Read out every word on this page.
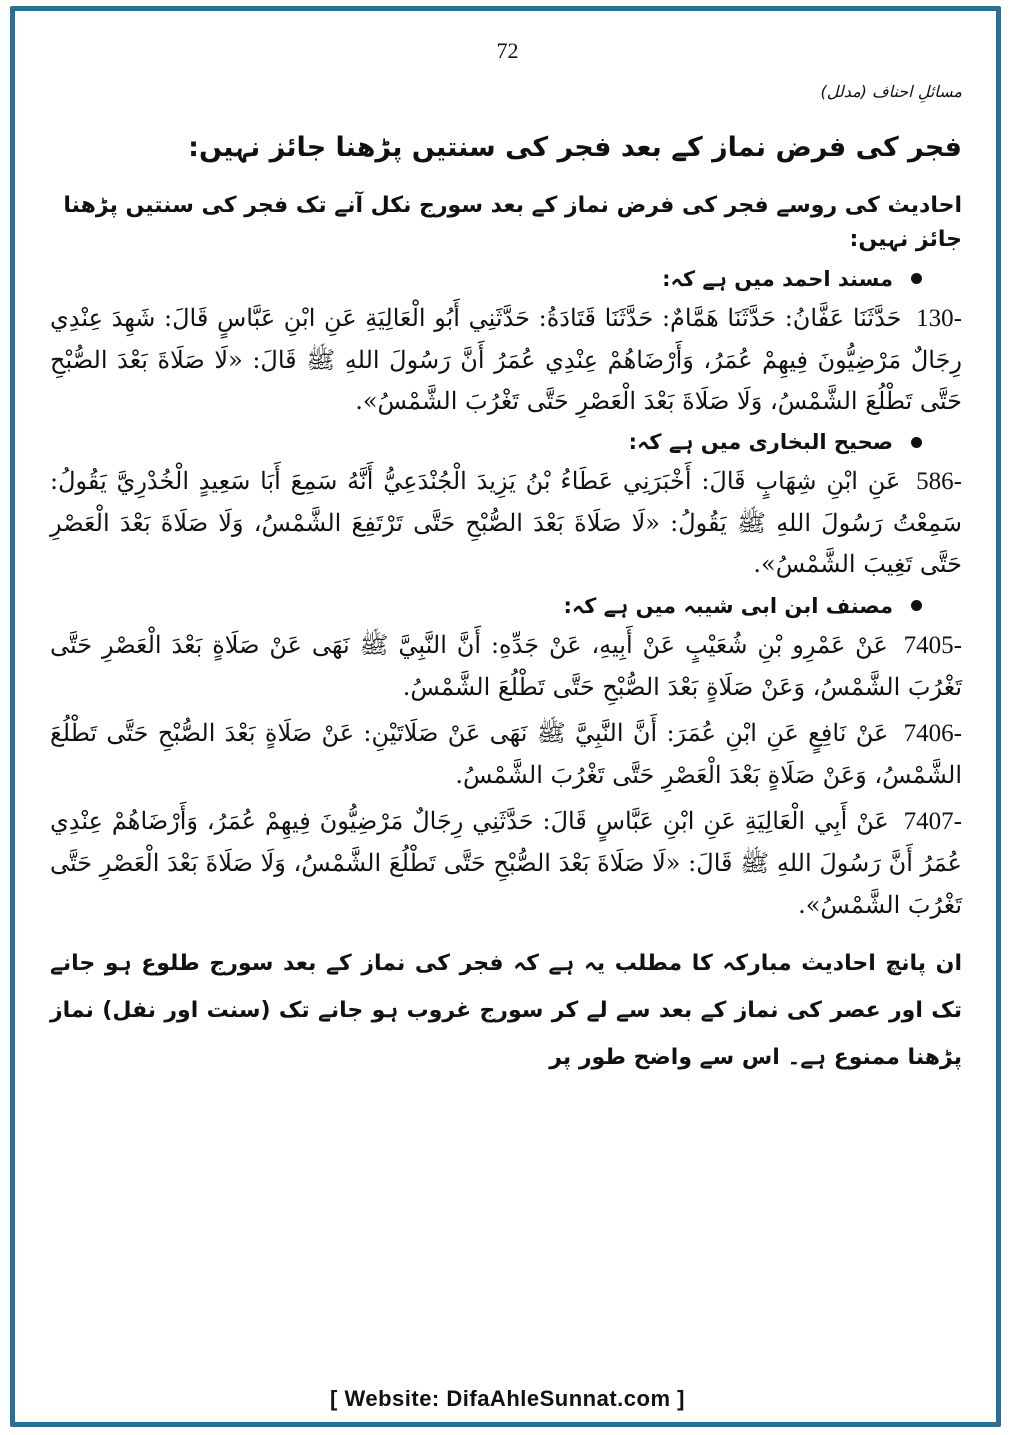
72
مسائلِ احناف (مدلل)
فجر کی فرض نماز کے بعد فجر کی سنتیں پڑھنا جائز نہیں:
احادیث کی روسے فجر کی فرض نماز کے بعد سورج نکل آنے تک فجر کی سنتیں پڑھنا جائز نہیں:
مسند احمد میں ہے کہ:

130- حَدَّثَنَا عَفَّانُ: حَدَّثَنَا هَمَّامٌ: حَدَّثَنَا قَتَادَةُ: حَدَّثَنِي أَبُو الْعَالِيَةِ عَنِ ابْنِ عَبَّاسٍ قَالَ: شَهِدَ عِنْدِي رِجَالٌ مَرْضِيُّونَ فِيهِمْ عُمَرُ، وَأَرْضَاهُمْ عِنْدِي عُمَرُ أَنَّ رَسُولَ اللهِ ﷺ قَالَ: «لَا صَلَاةَ بَعْدَ الصُّبْحِ حَتَّى تَطْلُعَ الشَّمْسُ، وَلَا صَلَاةَ بَعْدَ الْعَصْرِ حَتَّى تَغْرُبَ الشَّمْسُ».

صحیح البخاری میں ہے کہ:

586- عَنِ ابْنِ شِهَابٍ قَالَ: أَخْبَرَنِي عَطَاءُ بْنُ يَزِيدَ الْجُنْدَعِيُّ أَنَّهُ سَمِعَ أَبَا سَعِيدٍ الْخُدْرِيَّ يَقُولُ: سَمِعْتُ رَسُولَ اللهِ ﷺ يَقُولُ: «لَا صَلَاةَ بَعْدَ الصُّبْحِ حَتَّى تَرْتَفِعَ الشَّمْسُ، وَلَا صَلَاةَ بَعْدَ الْعَصْرِ حَتَّى تَغِيبَ الشَّمْسُ».

مصنف ابن ابی شیبہ میں ہے کہ:

7405- عَنْ عَمْرِو بْنِ شُعَيْبٍ عَنْ أَبِيهِ، عَنْ جَدِّهِ: أَنَّ النَّبِيَّ ﷺ نَهَى عَنْ صَلَاةٍ بَعْدَ الْعَصْرِ حَتَّى تَغْرُبَ الشَّمْسُ، وَعَنْ صَلَاةٍ بَعْدَ الصُّبْحِ حَتَّى تَطْلُعَ الشَّمْسُ.

7406- عَنْ نَافِعٍ عَنِ ابْنِ عُمَرَ: أَنَّ النَّبِيَّ ﷺ نَهَى عَنْ صَلَاتَيْنِ: عَنْ صَلَاةٍ بَعْدَ الصُّبْحِ حَتَّى تَطْلُعَ الشَّمْسُ، وَعَنْ صَلَاةٍ بَعْدَ الْعَصْرِ حَتَّى تَغْرُبَ الشَّمْسُ.

7407- عَنْ أَبِي الْعَالِيَةِ عَنِ ابْنِ عَبَّاسٍ قَالَ: حَدَّثَنِي رِجَالٌ مَرْضِيُّونَ فِيهِمْ عُمَرُ، وَأَرْضَاهُمْ عِنْدِي عُمَرُ أَنَّ رَسُولَ اللهِ ﷺ قَالَ: «لَا صَلَاةَ بَعْدَ الصُّبْحِ حَتَّى تَطْلُعَ الشَّمْسُ، وَلَا صَلَاةَ بَعْدَ الْعَصْرِ حَتَّى تَغْرُبَ الشَّمْسُ».

ان پانچ احادیث مبارکہ کا مطلب یہ ہے کہ فجر کی نماز کے بعد سورج طلوع ہو جانے تک اور عصر کی نماز کے بعد سے لے کر سورج غروب ہو جانے تک (سنت اور نفل) نماز پڑھنا ممنوع ہے۔ اس سے واضح طور پر
[ Website: DifaAhleSunnat.com ]
